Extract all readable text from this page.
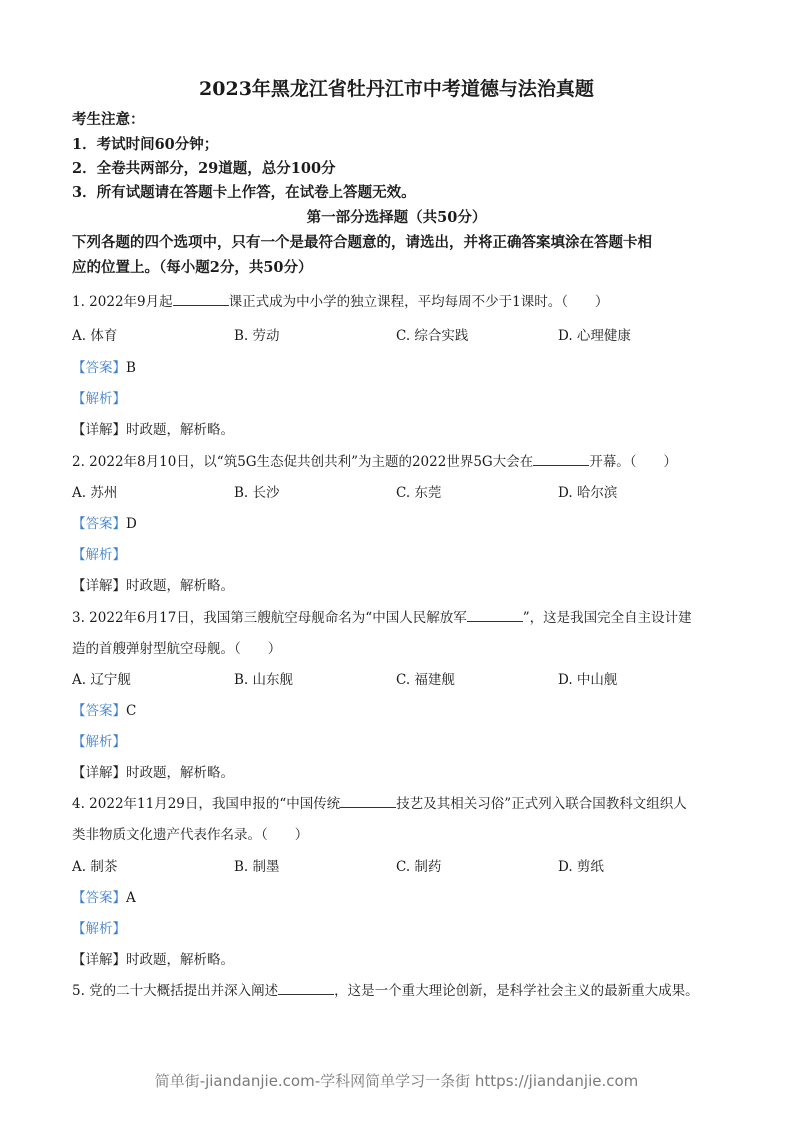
2023年黑龙江省牡丹江市中考道德与法治真题
考生注意：
1．考试时间60分钟；
2．全卷共两部分，29道题，总分100分
3．所有试题请在答题卡上作答，在试卷上答题无效。
第一部分选择题（共50分）
下列各题的四个选项中，只有一个是最符合题意的，请选出，并将正确答案填涂在答题卡相
应的位置上。（每小题2分，共50分）
1. 2022年9月起	课正式成为中小学的独立课程，平均每周不少于1课时。（　　）
A. 体育	B. 劳动	C. 综合实践	D. 心理健康
【答案】B
【解析】
【详解】时政题，解析略。
2. 2022年8月10日，以“筑5G生态促共创共利”为主题的2022世界5G大会在	开幕。（　　）
A. 苏州	B. 长沙	C. 东莞	D. 哈尔滨
【答案】D
【解析】
【详解】时政题，解析略。
3. 2022年6月17日，我国第三艘航空母舰命名为“中国人民解放军	”，这是我国完全自主设计建
造的首艘弹射型航空母舰。（　　）
A. 辽宁舰	B. 山东舰	C. 福建舰	D. 中山舰
【答案】C
【解析】
【详解】时政题，解析略。
4. 2022年11月29日，我国申报的“中国传统	技艺及其相关习俗”正式列入联合国教科文组织人
类非物质文化遗产代表作名录。（　　）
A. 制茶	B. 制墨	C. 制药	D. 剪纸
【答案】A
【解析】
【详解】时政题，解析略。
5. 党的二十大概括提出并深入阐述	，这是一个重大理论创新，是科学社会主义的最新重大成果。
简单街-jiandanjie.com-学科网简单学习一条街 https://jiandanjie.com
